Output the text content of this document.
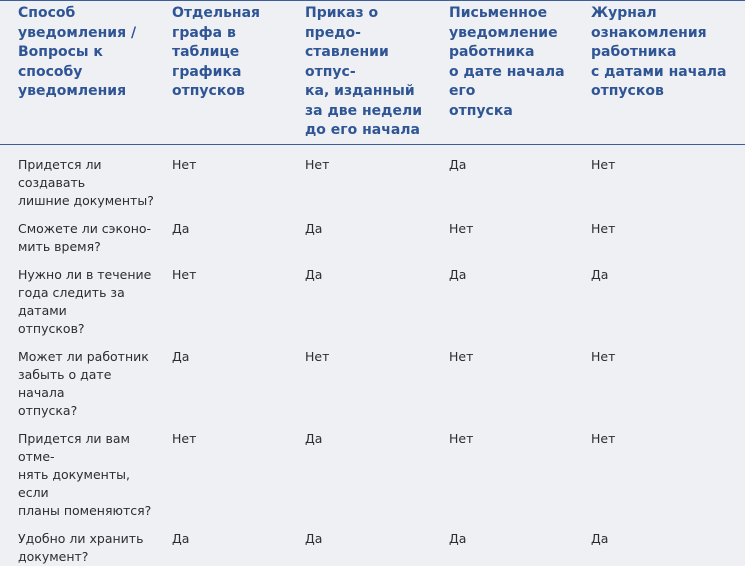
Способ
уведомления /
Вопросы к способу
уведомления	Отдельная
графа в таблице
графика
отпусков	Приказ о предо-
ставлении отпус-
ка, изданный
за две недели
до его начала	Письменное
уведомление
работника
о дате начала его
отпуска	Журнал
ознакомления
работника
с датами начала
отпусков

Придется ли создавать
лишние документы?	Нет	Нет	Да	Нет

Сможете ли сэконо-
мить время?	Да	Да	Нет	Нет

Нужно ли в течение
года следить за датами
отпусков?	Нет	Да	Да	Да

Может ли работник
забыть о дате начала
отпуска?	Да	Нет	Нет	Нет

Придется ли вам отме-
нять документы, если
планы поменяются?	Нет	Да	Нет	Нет

Удобно ли хранить
документ?	Да	Да	Да	Да
